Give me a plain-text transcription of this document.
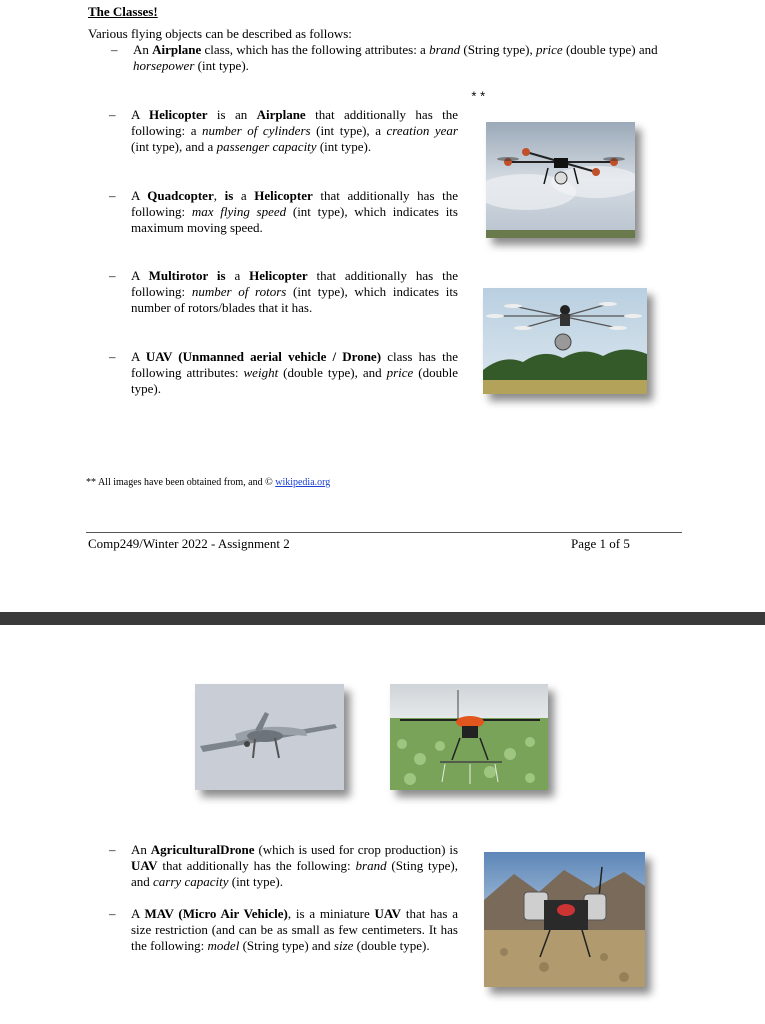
The Classes!
Various flying objects can be described as follows:
– An Airplane class, which has the following attributes: a brand (String type), price (double type) and horsepower (int type).
**
– A Helicopter is an Airplane that additionally has the following: a number of cylinders (int type), a creation year (int type), and a passenger capacity (int type).
– A Quadcopter, is a Helicopter that additionally has the following: max flying speed (int type), which indicates its maximum moving speed.
– A Multirotor is a Helicopter that additionally has the following: number of rotors (int type), which indicates its number of rotors/blades that it has.
– A UAV (Unmanned aerial vehicle / Drone) class has the following attributes: weight (double type), and price (double type).
** All images have been obtained from, and © wikipedia.org
Comp249/Winter 2022 - Assignment 2	Page 1 of 5
– An AgriculturalDrone (which is used for crop production) is UAV that additionally has the following: brand (Sting type), and carry capacity (int type).
– A MAV (Micro Air Vehicle), is a miniature UAV that has a size restriction (and can be as small as few centimeters. It has the following: model (String type) and size (double type).
